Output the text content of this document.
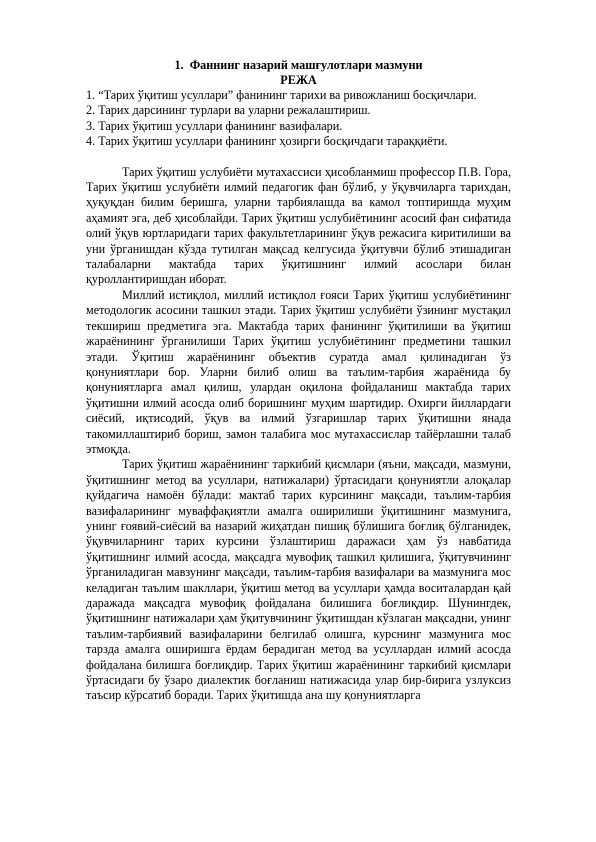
1. Фаннинг назарий машғулотлари мазмуни

РЕЖА

1. “Тарих ўқитиш усуллари” фанининг тарихи ва ривожланиш босқичлари.
2. Тарих дарсининг турлари ва уларни режалаштириш.
3. Тарих ўқитиш усуллари фанининг вазифалари.
4. Тарих ўқитиш усуллари фанининг ҳозирги босқичдаги тараққиёти.

Тарих ўқитиш услубиёти мутахассиси ҳисобланмиш профессор П.В. Гора, Тарих ўқитиш услубиёти илмий педагогик фан бўлиб, у ўқувчиларга тарихдан, ҳуқуқдан билим беришга, уларни тарбиялашда ва камол топтиришда муҳим аҳамият эга, деб ҳисоблайди. Тарих ўқитиш услубиётининг асосий фан сифатида олий ўқув юртларидаги тарих факультетларининг ўқув режасига киритилиши ва уни ўрганишдан кўзда тутилган мақсад келгусида ўқитувчи бўлиб этишадиган талабаларни мактабда тарих ўқитишнинг илмий асослари билан қуроллантиришдан иборат.

Миллий истиқлол, миллий истиқлол ғояси Тарих ўқитиш услубиётининг методологик асосини ташкил этади. Тарих ўқитиш услубиёти ўзининг мустақил текшириш предметига эга. Мактабда тарих фанининг ўқитилиши ва ўқитиш жараёнининг ўрганилиши Тарих ўқитиш услубиётининг предметини ташкил этади. Ўқитиш жараёнининг объектив суратда амал қилинадиган ўз қонуниятлари бор. Уларни билиб олиш ва таълим-тарбия жараёнида бу қонуниятларга амал қилиш, улардан оқилона фойдаланиш мактабда тарих ўқитишни илмий асосда олиб боришнинг муҳим шартидир. Охирги йиллардаги сиёсий, иқтисодий, ўқув ва илмий ўзгаришлар тарих ўқитишни янада такомиллаштириб бориш, замон талабига мос мутахассислар тайёрлашни талаб этмоқда.

Тарих ўқитиш жараёнининг таркибий қисмлари (яъни, мақсади, мазмуни, ўқитишнинг метод ва усуллари, натижалари) ўртасидаги қонуниятли алоқалар қуйдагича намоён бўлади: мактаб тарих курсининг мақсади, таълим-тарбия вазифаларининг муваффақиятли амалга оширилиши ўқитишнинг мазмунига, унинг ғоявий-сиёсий ва назарий жиҳатдан пишиқ бўлишига боғлиқ бўлганидек, ўқувчиларнинг тарих курсини ўзлаштириш даражаси ҳам ўз навбатида ўқитишнинг илмий асосда, мақсадга мувофиқ ташкил қилишига, ўқитувчининг ўрганиладиган мавзунинг мақсади, таълим-тарбия вазифалари ва мазмунига мос келадиган таълим шакллари, ўқитиш метод ва усуллари ҳамда воситалардан қай даражада мақсадга мувофиқ фойдалана билишига боғлиқдир. Шунингдек, ўқитишнинг натижалари ҳам ўқитувчининг ўқитишдан кўзлаган мақсадни, унинг таълим-тарбиявий вазифаларини белгилаб олишга, курснинг мазмунига мос тарзда амалга оширишга ёрдам берадиган метод ва усуллардан илмий асосда фойдалана билишга боғлиқдир. Тарих ўқитиш жараёнининг таркибий қисмлари ўртасидаги бу ўзаро диалектик боғланиш натижасида улар бир-бирига узлуксиз таъсир кўрсатиб боради. Тарих ўқитишда ана шу қонуниятларга
